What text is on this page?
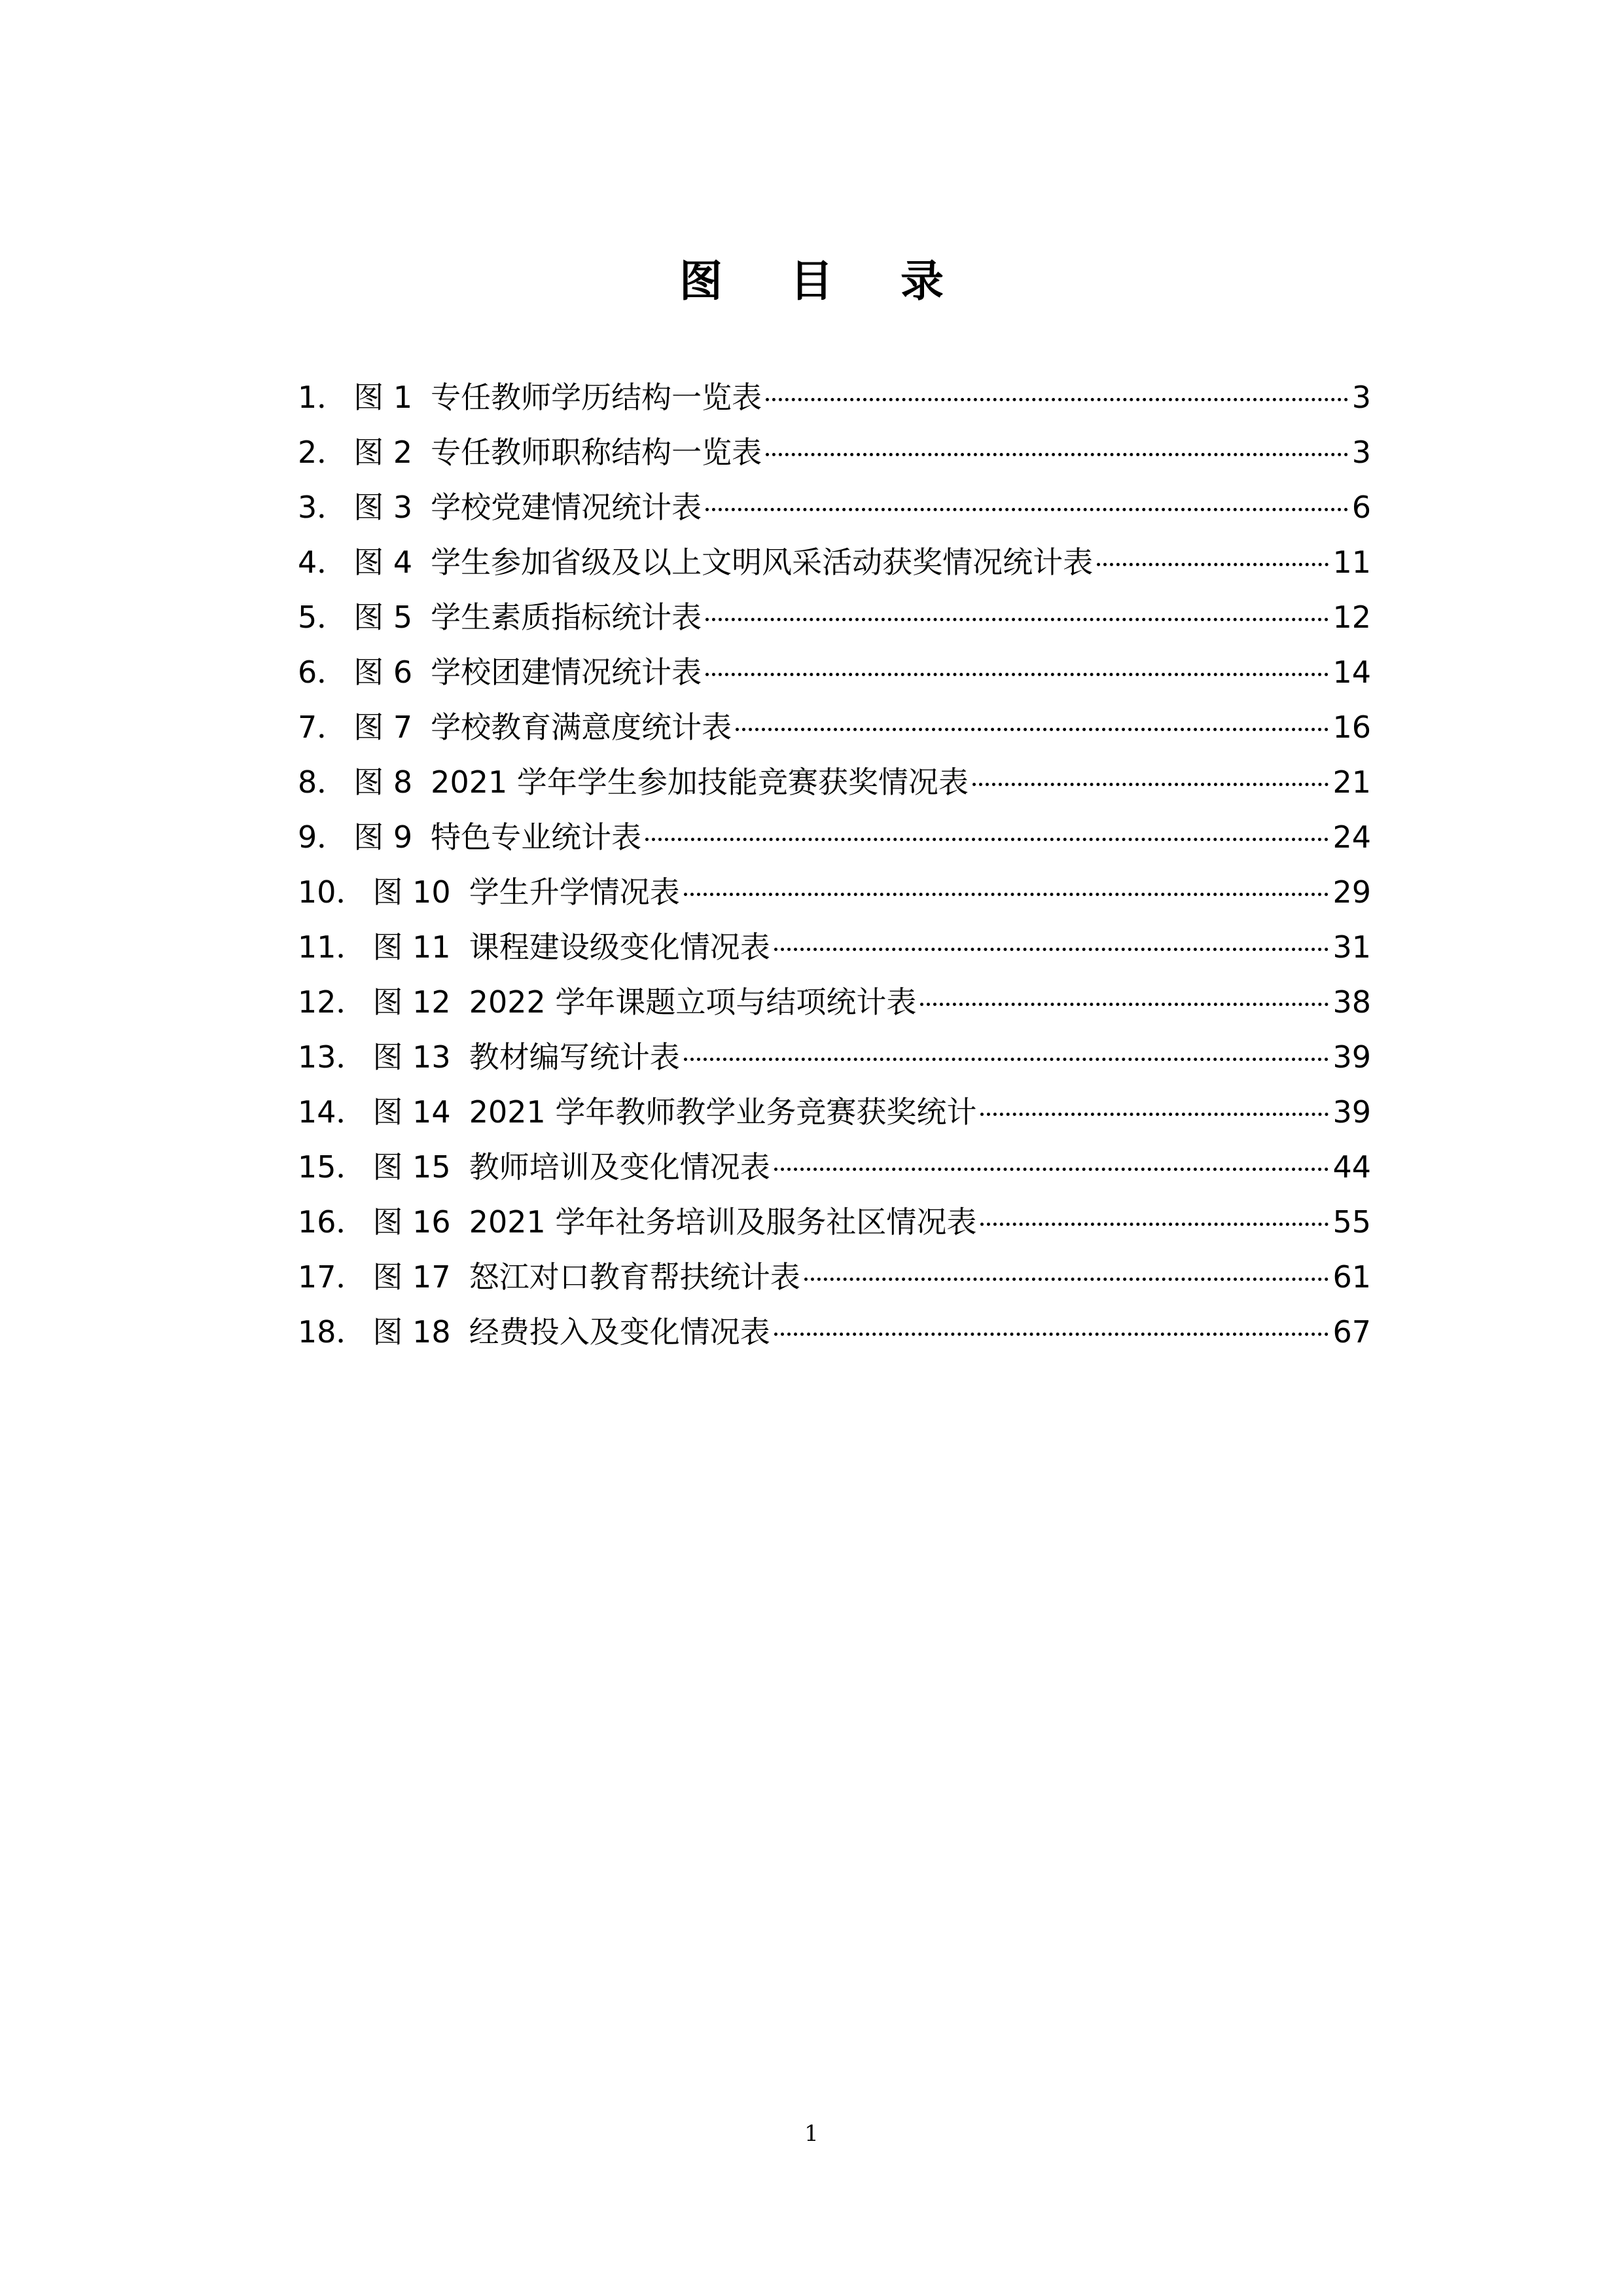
图 目 录
1． 图 1 专任教师学历结构一览表	3
2． 图 2 专任教师职称结构一览表	3
3． 图 3 学校党建情况统计表	6
4． 图 4 学生参加省级及以上文明风采活动获奖情况统计表	11
5． 图 5 学生素质指标统计表	12
6． 图 6 学校团建情况统计表	14
7． 图 7 学校教育满意度统计表	16
8． 图 8 2021 学年学生参加技能竞赛获奖情况表	21
9． 图 9 特色专业统计表	24
10． 图 10 学生升学情况表	29
11． 图 11 课程建设级变化情况表	31
12． 图 12 2022 学年课题立项与结项统计表	38
13． 图 13 教材编写统计表	39
14． 图 14 2021 学年教师教学业务竞赛获奖统计	39
15． 图 15 教师培训及变化情况表	44
16． 图 16 2021 学年社务培训及服务社区情况表	55
17． 图 17 怒江对口教育帮扶统计表	61
18． 图 18 经费投入及变化情况表	67
1
